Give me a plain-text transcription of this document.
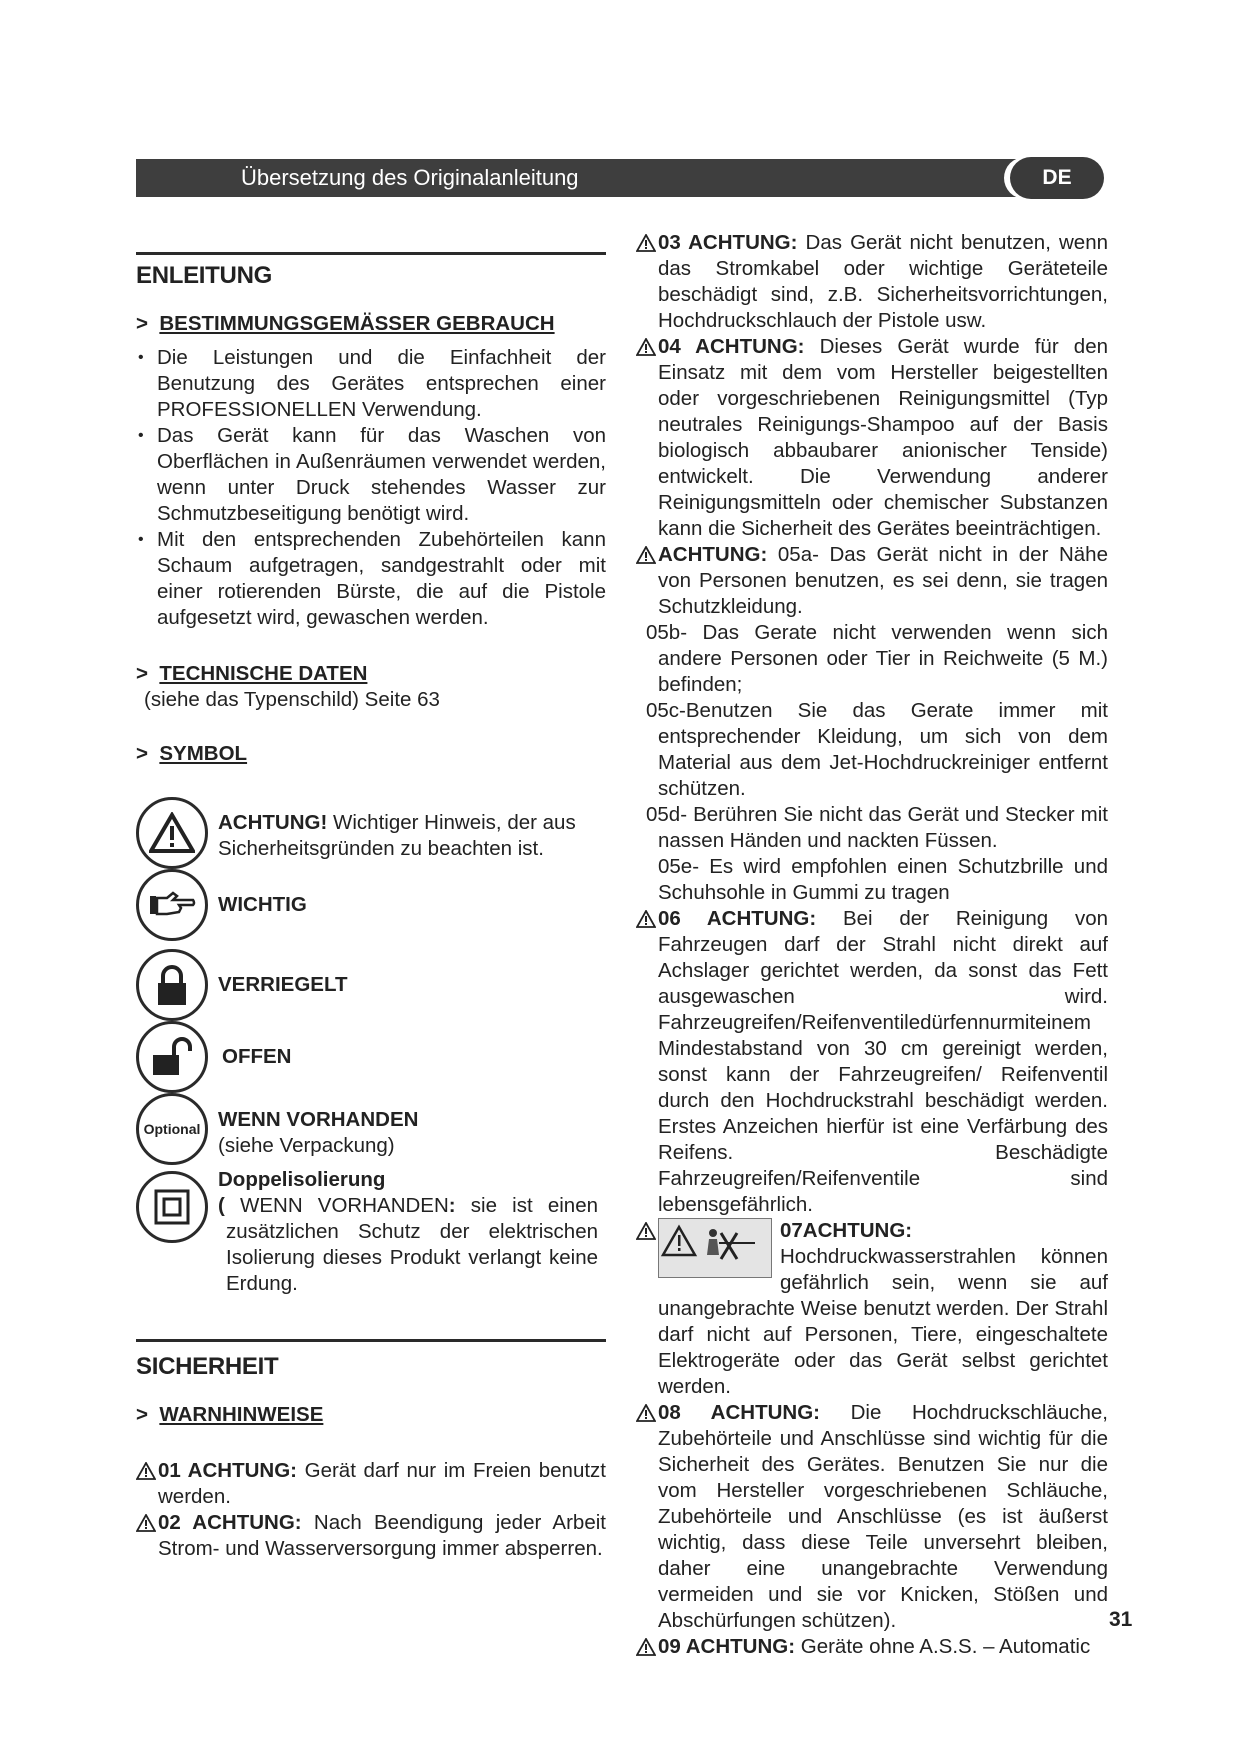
Übersetzung des Originalanleitung	DE
ENLEITUNG
>  BESTIMMUNGSGEMÄSSER GEBRAUCH
• Die Leistungen und die Einfachheit der Benutzung des Gerätes entsprechen einer PROFESSIONELLEN Verwendung.
• Das Gerät kann für das Waschen von Oberflächen in Außenräumen verwendet werden, wenn unter Druck stehendes Wasser zur Schmutzbeseitigung benötigt wird.
• Mit den entsprechenden Zubehörteilen kann Schaum aufgetragen, sandgestrahlt oder mit einer rotierenden Bürste, die auf die Pistole aufgesetzt wird, gewaschen werden.
>  TECHNISCHE DATEN
(siehe das Typenschild) Seite 63
>  SYMBOL
ACHTUNG! Wichtiger Hinweis, der aus Sicherheitsgründen zu beachten ist.
WICHTIG
VERRIEGELT
OFFEN
Optional WENN VORHANDEN
(siehe Verpackung)
Doppelisolierung
( WENN VORHANDEN: sie ist einen zusätzlichen Schutz der elektrischen Isolierung dieses Produkt verlangt keine Erdung.
SICHERHEIT
>  WARNHINWEISE
01 ACHTUNG: Gerät darf nur im Freien benutzt werden.
02 ACHTUNG: Nach Beendigung jeder Arbeit Strom- und Wasserversorgung immer absperren.
03 ACHTUNG: Das Gerät nicht benutzen, wenn das Stromkabel oder wichtige Geräteteile beschädigt sind, z.B. Sicherheitsvorrichtungen, Hochdruckschlauch der Pistole usw.
04 ACHTUNG: Dieses Gerät wurde für den Einsatz mit dem vom Hersteller beigestellten oder vorgeschriebenen Reinigungsmittel (Typ neutrales Reinigungs-Shampoo auf der Basis biologisch abbaubarer anionischer Tenside) entwickelt. Die Verwendung anderer Reinigungsmitteln oder chemischer Substanzen kann die Sicherheit des Gerätes beeinträchtigen.
ACHTUNG: 05a- Das Gerät nicht in der Nähe von Personen benutzen, es sei denn, sie tragen Schutzkleidung.
05b- Das Gerate nicht verwenden wenn sich andere Personen oder Tier in Reichweite (5 M.) befinden;
05c-Benutzen Sie das Gerate immer mit entsprechender Kleidung, um sich von dem Material aus dem Jet-Hochdruckreiniger entfernt schützen.
05d- Berühren Sie nicht das Gerät und Stecker mit nassen Händen und nackten Füssen.
05e- Es wird empfohlen einen Schutzbrille und Schuhsohle in Gummi zu tragen
06 ACHTUNG: Bei der Reinigung von Fahrzeugen darf der Strahl nicht direkt auf Achslager gerichtet werden, da sonst das Fett ausgewaschen wird. Fahrzeugreifen/Reifenventiledürfennurmiteinem Mindestabstand von 30 cm gereinigt werden, sonst kann der Fahrzeugreifen/ Reifenventil durch den Hochdruckstrahl beschädigt werden. Erstes Anzeichen hierfür ist eine Verfärbung des Reifens. Beschädigte Fahrzeugreifen/Reifenventile sind lebensgefährlich.
07ACHTUNG:
Hochdruckwasserstrahlen können gefährlich sein, wenn sie auf unangebrachte Weise benutzt werden. Der Strahl darf nicht auf Personen, Tiere, eingeschaltete Elektrogeräte oder das Gerät selbst gerichtet werden.
08 ACHTUNG: Die Hochdruckschläuche, Zubehörteile und Anschlüsse sind wichtig für die Sicherheit des Gerätes. Benutzen Sie nur die vom Hersteller vorgeschriebenen Schläuche, Zubehörteile und Anschlüsse (es ist äußerst wichtig, dass diese Teile unversehrt bleiben, daher eine unangebrachte Verwendung vermeiden und sie vor Knicken, Stößen und Abschürfungen schützen).
09 ACHTUNG: Geräte ohne A.S.S. – Automatic
31
